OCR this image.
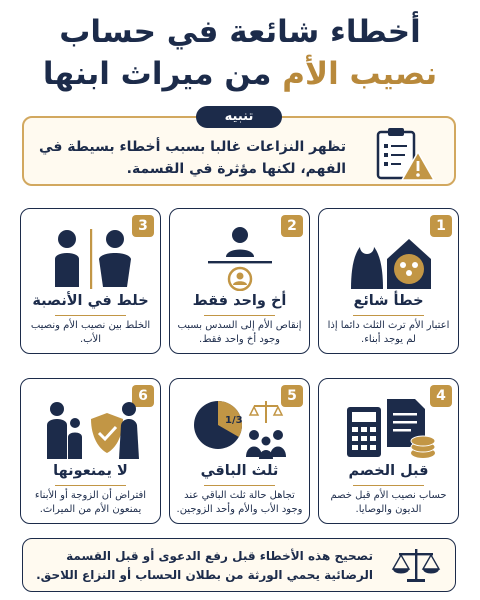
أخطاء شائعة في حساب
نصيب الأم من ميراث ابنها
تنبيه
تظهر النزاعات غالبا بسبب أخطاء بسيطة في الفهم، لكنها مؤثرة في القسمة.
1
خطأ شائع
اعتبار الأم ترث الثلث دائما إذا لم يوجد أبناء.
2
أخ واحد فقط
إنقاص الأم إلى السدس بسبب وجود أخ واحد فقط.
3
خلط في الأنصبة
الخلط بين نصيب الأم ونصيب الأب.
4
قبل الخصم
حساب نصيب الأم قبل خصم الديون والوصايا.
5
1/3
ثلث الباقي
تجاهل حالة ثلث الباقي عند وجود الأب والأم وأحد الزوجين.
6
لا يمنعونها
افتراض أن الزوجة أو الأبناء يمنعون الأم من الميراث.
تصحيح هذه الأخطاء قبل رفع الدعوى أو قبل القسمة الرضائية يحمي الورثة من بطلان الحساب أو النزاع اللاحق.
